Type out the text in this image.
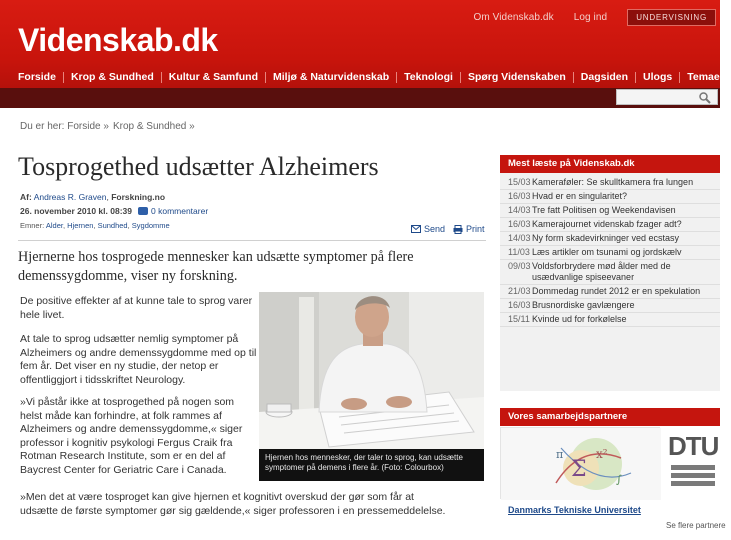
Om Videnskab.dk Log ind	UNDERVISNING
Videnskab.dk
Forside	Krop & Sundhed	Kultur & Samfund	Miljø & Naturvidenskab	Teknologi	Spørg Videnskaben	Dagsiden	Ulogs	Temaer
Du er her: Forside » Krop & Sundhed »
Tosprogethed udsætter Alzheimers
Af: Andreas R. Graven, Forskning.no
26. november 2010 kl. 08:39 0 kommentarer
Emner: Alder, Hjernen, Sundhed, Sygdomme	Send Print
Hjernerne hos tosprogede mennesker kan udsætte symptomer på flere demenssygdomme, viser ny forskning.
De positive effekter af at kunne tale to sprog varer hele livet.
At tale to sprog udsætter nemlig symptomer på Alzheimers og andre demenssygdomme med op til fem år. Det viser en ny studie, der netop er offentliggjort i tidsskriftet Neurology.
»Vi påstår ikke at tosprogethed på nogen som helst måde kan forhindre, at folk rammes af Alzheimers og andre demenssygdomme,« siger professor i kognitiv psykologi Fergus Craik fra Rotman Research Institute, som er en del af Baycrest Center for Geriatric Care i Canada.
»Men det at være tosproget kan give hjernen et kognitivt overskud der gør som får at udsætte de første symptomer gør sig gældende,« siger professoren i en pressemeddelelse.
Hjernen hos mennesker, der taler to sprog, kan udsætte symptomer på demens i flere år. (Foto: Colourbox)
Mest læste på Videnskab.dk
15/03 Kameraføler: Se skulltkamera fra lungen
16/03 Hvad er en singularitet?
14/03 Tre fatt Politisen og Weekendavisen
16/03 Kamerajournet videnskab fzager adt?
14/03 Ny form skadevirkninger ved ecstasy
11/03 Læs artikler om tsunami og jordskælv
09/03 Voldsforbrydere mød ålder med de usædvanlige spiseevaner
21/03 Dommedag rundet 2012 er en spekulation
16/03 Brusnordiske gavlængere
15/11 Kvinde ud for forkølelse
Vores samarbejdspartnere
Σ
x²
π
∫
DTU
Danmarks Tekniske Universitet
Se flere partnere
